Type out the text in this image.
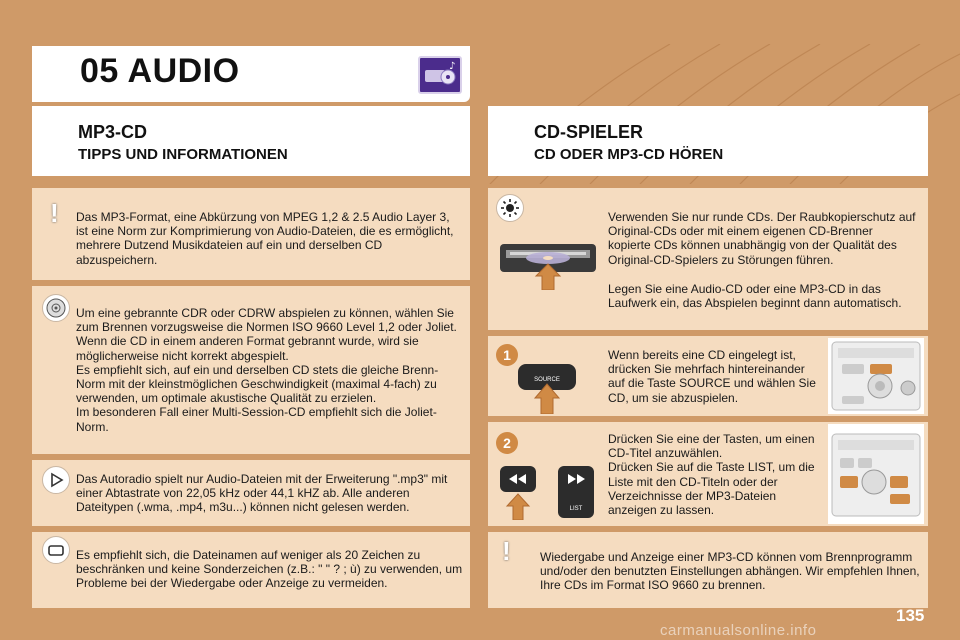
05 AUDIO	♪
MP3-CD
TIPPS UND INFORMATIONEN
CD-SPIELER
CD ODER MP3-CD HÖREN
! Das MP3-Format, eine Abkürzung von MPEG 1,2 & 2.5 Audio Layer 3, ist eine Norm zur Komprimierung von Audio-Dateien, die es ermöglicht, mehrere Dutzend Musikdateien auf ein und derselben CD abzuspeichern.
Um eine gebrannte CDR oder CDRW abspielen zu können, wählen Sie zum Brennen vorzugsweise die Normen ISO 9660 Level 1,2 oder Joliet.
Wenn die CD in einem anderen Format gebrannt wurde, wird sie möglicherweise nicht korrekt abgespielt.
Es empfiehlt sich, auf ein und derselben CD stets die gleiche Brenn-Norm mit der kleinstmöglichen Geschwindigkeit (maximal 4-fach) zu verwenden, um optimale akustische Qualität zu erzielen.
Im besonderen Fall einer Multi-Session-CD empfiehlt sich die Joliet-Norm.
Das Autoradio spielt nur Audio-Dateien mit der Erweiterung ".mp3" mit einer Abtastrate von 22,05 kHz oder 44,1 kHZ ab. Alle anderen Dateitypen (.wma, .mp4, m3u...) können nicht gelesen werden.
Es empfiehlt sich, die Dateinamen auf weniger als 20 Zeichen zu beschränken und keine Sonderzeichen (z.B.: " " ? ; ù) zu verwenden, um Probleme bei der Wiedergabe oder Anzeige zu vermeiden.
Verwenden Sie nur runde CDs. Der Raubkopierschutz auf Original-CDs oder mit einem eigenen CD-Brenner kopierte CDs können unabhängig von der Qualität des Original-CD-Spielers zu Störungen führen.
Legen Sie eine Audio-CD oder eine MP3-CD in das Laufwerk ein, das Abspielen beginnt dann automatisch.
1
SOURCE
Wenn bereits eine CD eingelegt ist, drücken Sie mehrfach hintereinander auf die Taste SOURCE und wählen Sie CD, um sie abzuspielen.
2
LIST
Drücken Sie eine der Tasten, um einen CD-Titel anzuwählen.
Drücken Sie auf die Taste LIST, um die Liste mit den CD-Titeln oder der Verzeichnisse der MP3-Dateien anzeigen zu lassen.
! Wiedergabe und Anzeige einer MP3-CD können vom Brennprogramm und/oder den benutzten Einstellungen abhängen. Wir empfehlen Ihnen, Ihre CDs im Format ISO 9660 zu brennen.
135
carmanualsonline.info
